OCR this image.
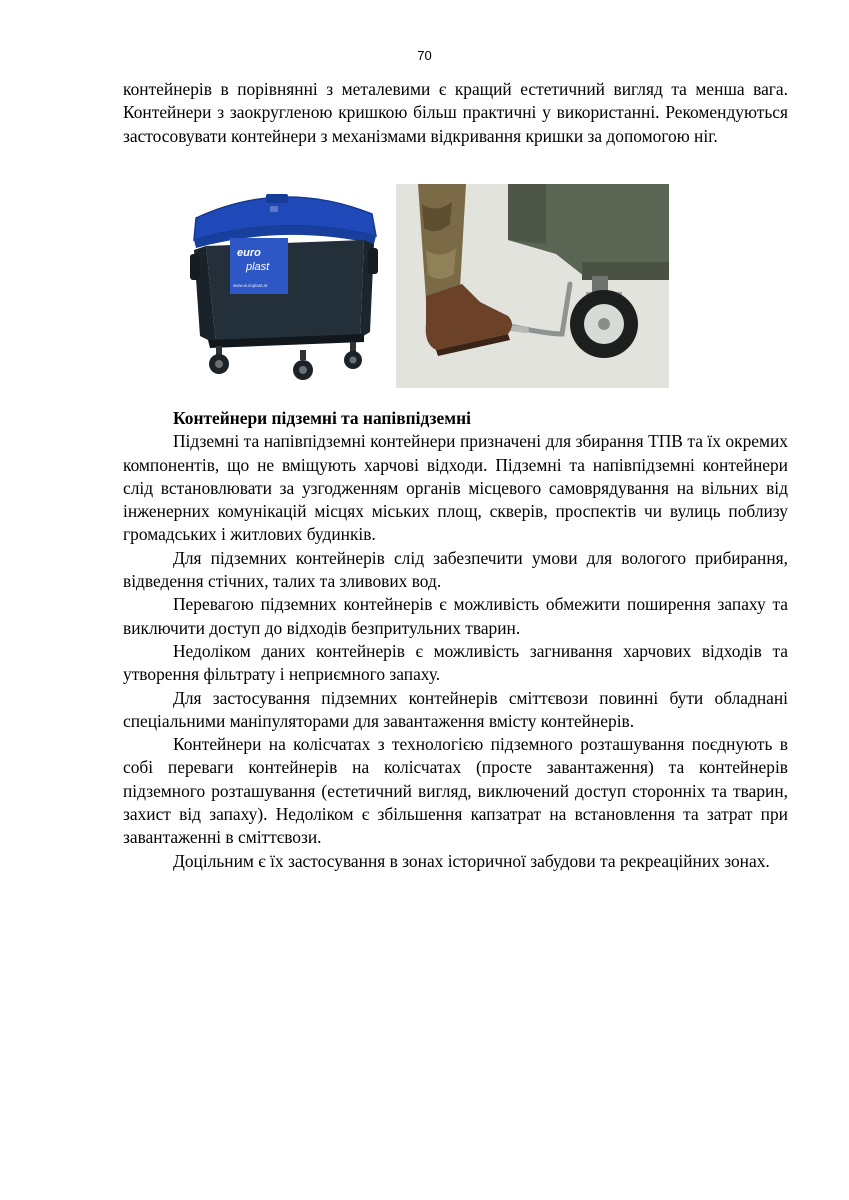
70

контейнерів в порівнянні з металевими є кращий естетичний вигляд та менша вага. Контейнери з заокругленою кришкою більш практичні у використанні. Рекомендуються застосовувати контейнери з механізмами відкривання кришки за допомогою ніг.

euro
plast
www.europlast.at

Контейнери підземні та напівпідземні

Підземні та напівпідземні контейнери призначені для збирання ТПВ та їх окремих компонентів, що не вміщують харчові відходи. Підземні та напівпідземні контейнери слід встановлювати за узгодженням органів місцевого самоврядування на вільних від інженерних комунікацій місцях міських площ, скверів, проспектів чи вулиць поблизу громадських і житлових будинків.

Для підземних контейнерів слід забезпечити умови для вологого прибирання, відведення стічних, талих та зливових вод.

Перевагою підземних контейнерів є можливість обмежити поширення запаху та виключити доступ до відходів безпритульних тварин.

Недоліком даних контейнерів є можливість загнивання харчових відходів та утворення фільтрату і неприємного запаху.

Для застосування підземних контейнерів сміттєвози повинні бути обладнані спеціальними маніпуляторами для завантаження вмісту контейнерів.

Контейнери на колісчатах з технологією підземного розташування поєднують в собі переваги контейнерів на колісчатах (просте завантаження) та контейнерів підземного розташування (естетичний вигляд, виключений доступ сторонніх та тварин, захист від запаху). Недоліком є збільшення капзатрат на встановлення та затрат при завантаженні в сміттєвози.

Доцільним є їх застосування в зонах історичної забудови та рекреаційних зонах.
